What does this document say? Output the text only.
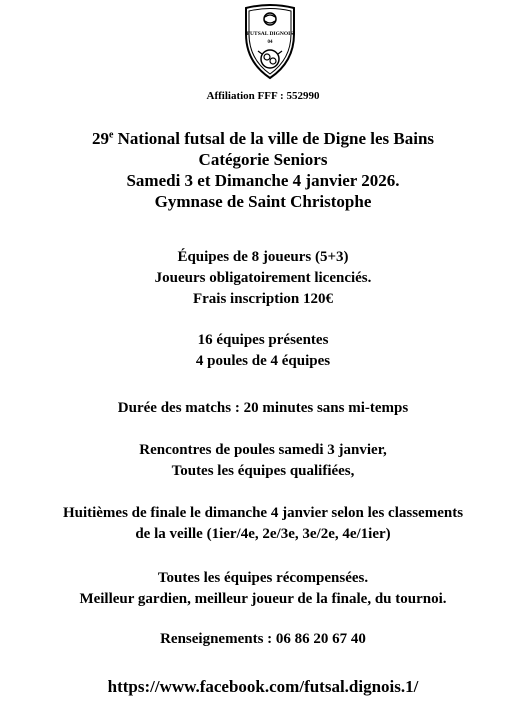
FUTSAL DIGNOIS
04
Affiliation FFF : 552990
29e National futsal de la ville de Digne les Bains
Catégorie Seniors
Samedi 3 et Dimanche 4 janvier 2026.
Gymnase de Saint Christophe
Équipes de 8 joueurs (5+3)
Joueurs obligatoirement licenciés.
Frais inscription 120€
16 équipes présentes
4 poules de 4 équipes
Durée des matchs : 20 minutes sans mi-temps
Rencontres de poules samedi 3 janvier,
Toutes les équipes qualifiées,
Huitièmes de finale le dimanche 4 janvier selon les classements
de la veille (1ier/4e, 2e/3e, 3e/2e, 4e/1ier)
Toutes les équipes récompensées.
Meilleur gardien, meilleur joueur de la finale, du tournoi.
Renseignements : 06 86 20 67 40
https://www.facebook.com/futsal.dignois.1/
